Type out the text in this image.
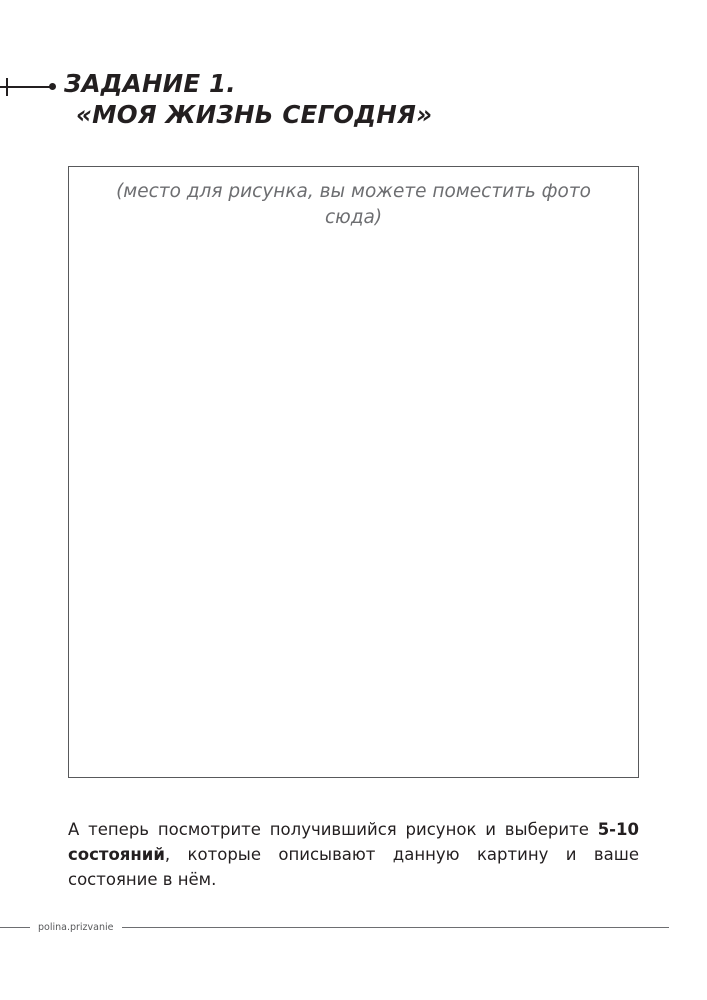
ЗАДАНИЕ 1.
«МОЯ ЖИЗНЬ СЕГОДНЯ»
(место для рисунка, вы можете поместить фото сюда)

А теперь посмотрите получившийся рисунок и выберите 5-10 состояний, которые описывают данную картину и ваше состояние в нём.

polina.prizvanie
